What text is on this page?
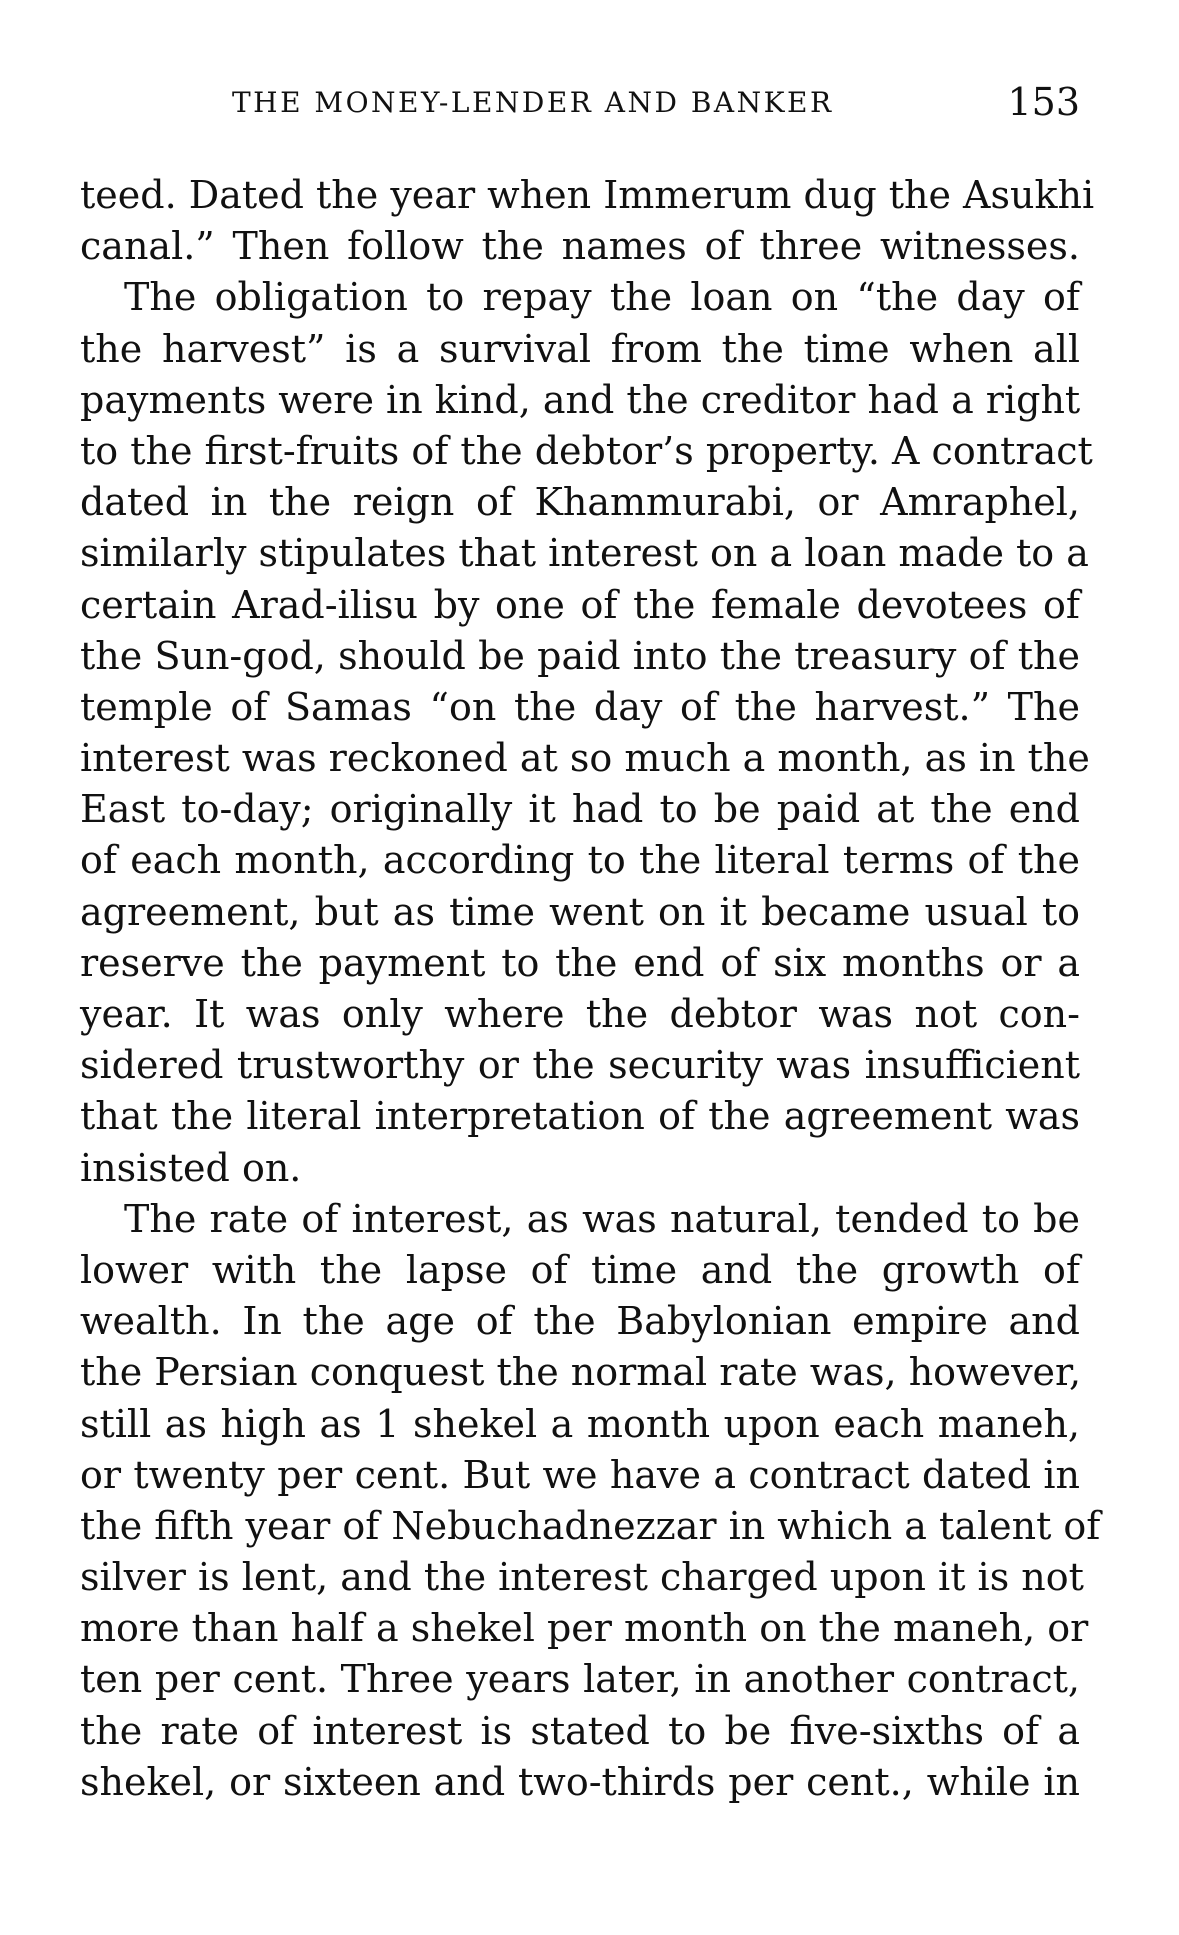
THE MONEY-LENDER AND BANKER	153
teed. Dated the year when Immerum dug the Asukhi
canal.” Then follow the names of three witnesses.
The obligation to repay the loan on “the day of
the harvest” is a survival from the time when all
payments were in kind, and the creditor had a right
to the first-fruits of the debtor’s property. A contract
dated in the reign of Khammurabi, or Amraphel,
similarly stipulates that interest on a loan made to a
certain Arad-ilisu by one of the female devotees of
the Sun-god, should be paid into the treasury of the
temple of Samas “on the day of the harvest.” The
interest was reckoned at so much a month, as in the
East to-day; originally it had to be paid at the end
of each month, according to the literal terms of the
agreement, but as time went on it became usual to
reserve the payment to the end of six months or a
year. It was only where the debtor was not con-
sidered trustworthy or the security was insufficient
that the literal interpretation of the agreement was
insisted on.
The rate of interest, as was natural, tended to be
lower with the lapse of time and the growth of
wealth. In the age of the Babylonian empire and
the Persian conquest the normal rate was, however,
still as high as 1 shekel a month upon each maneh,
or twenty per cent. But we have a contract dated in
the fifth year of Nebuchadnezzar in which a talent of
silver is lent, and the interest charged upon it is not
more than half a shekel per month on the maneh, or
ten per cent. Three years later, in another contract,
the rate of interest is stated to be five-sixths of a
shekel, or sixteen and two-thirds per cent., while in
